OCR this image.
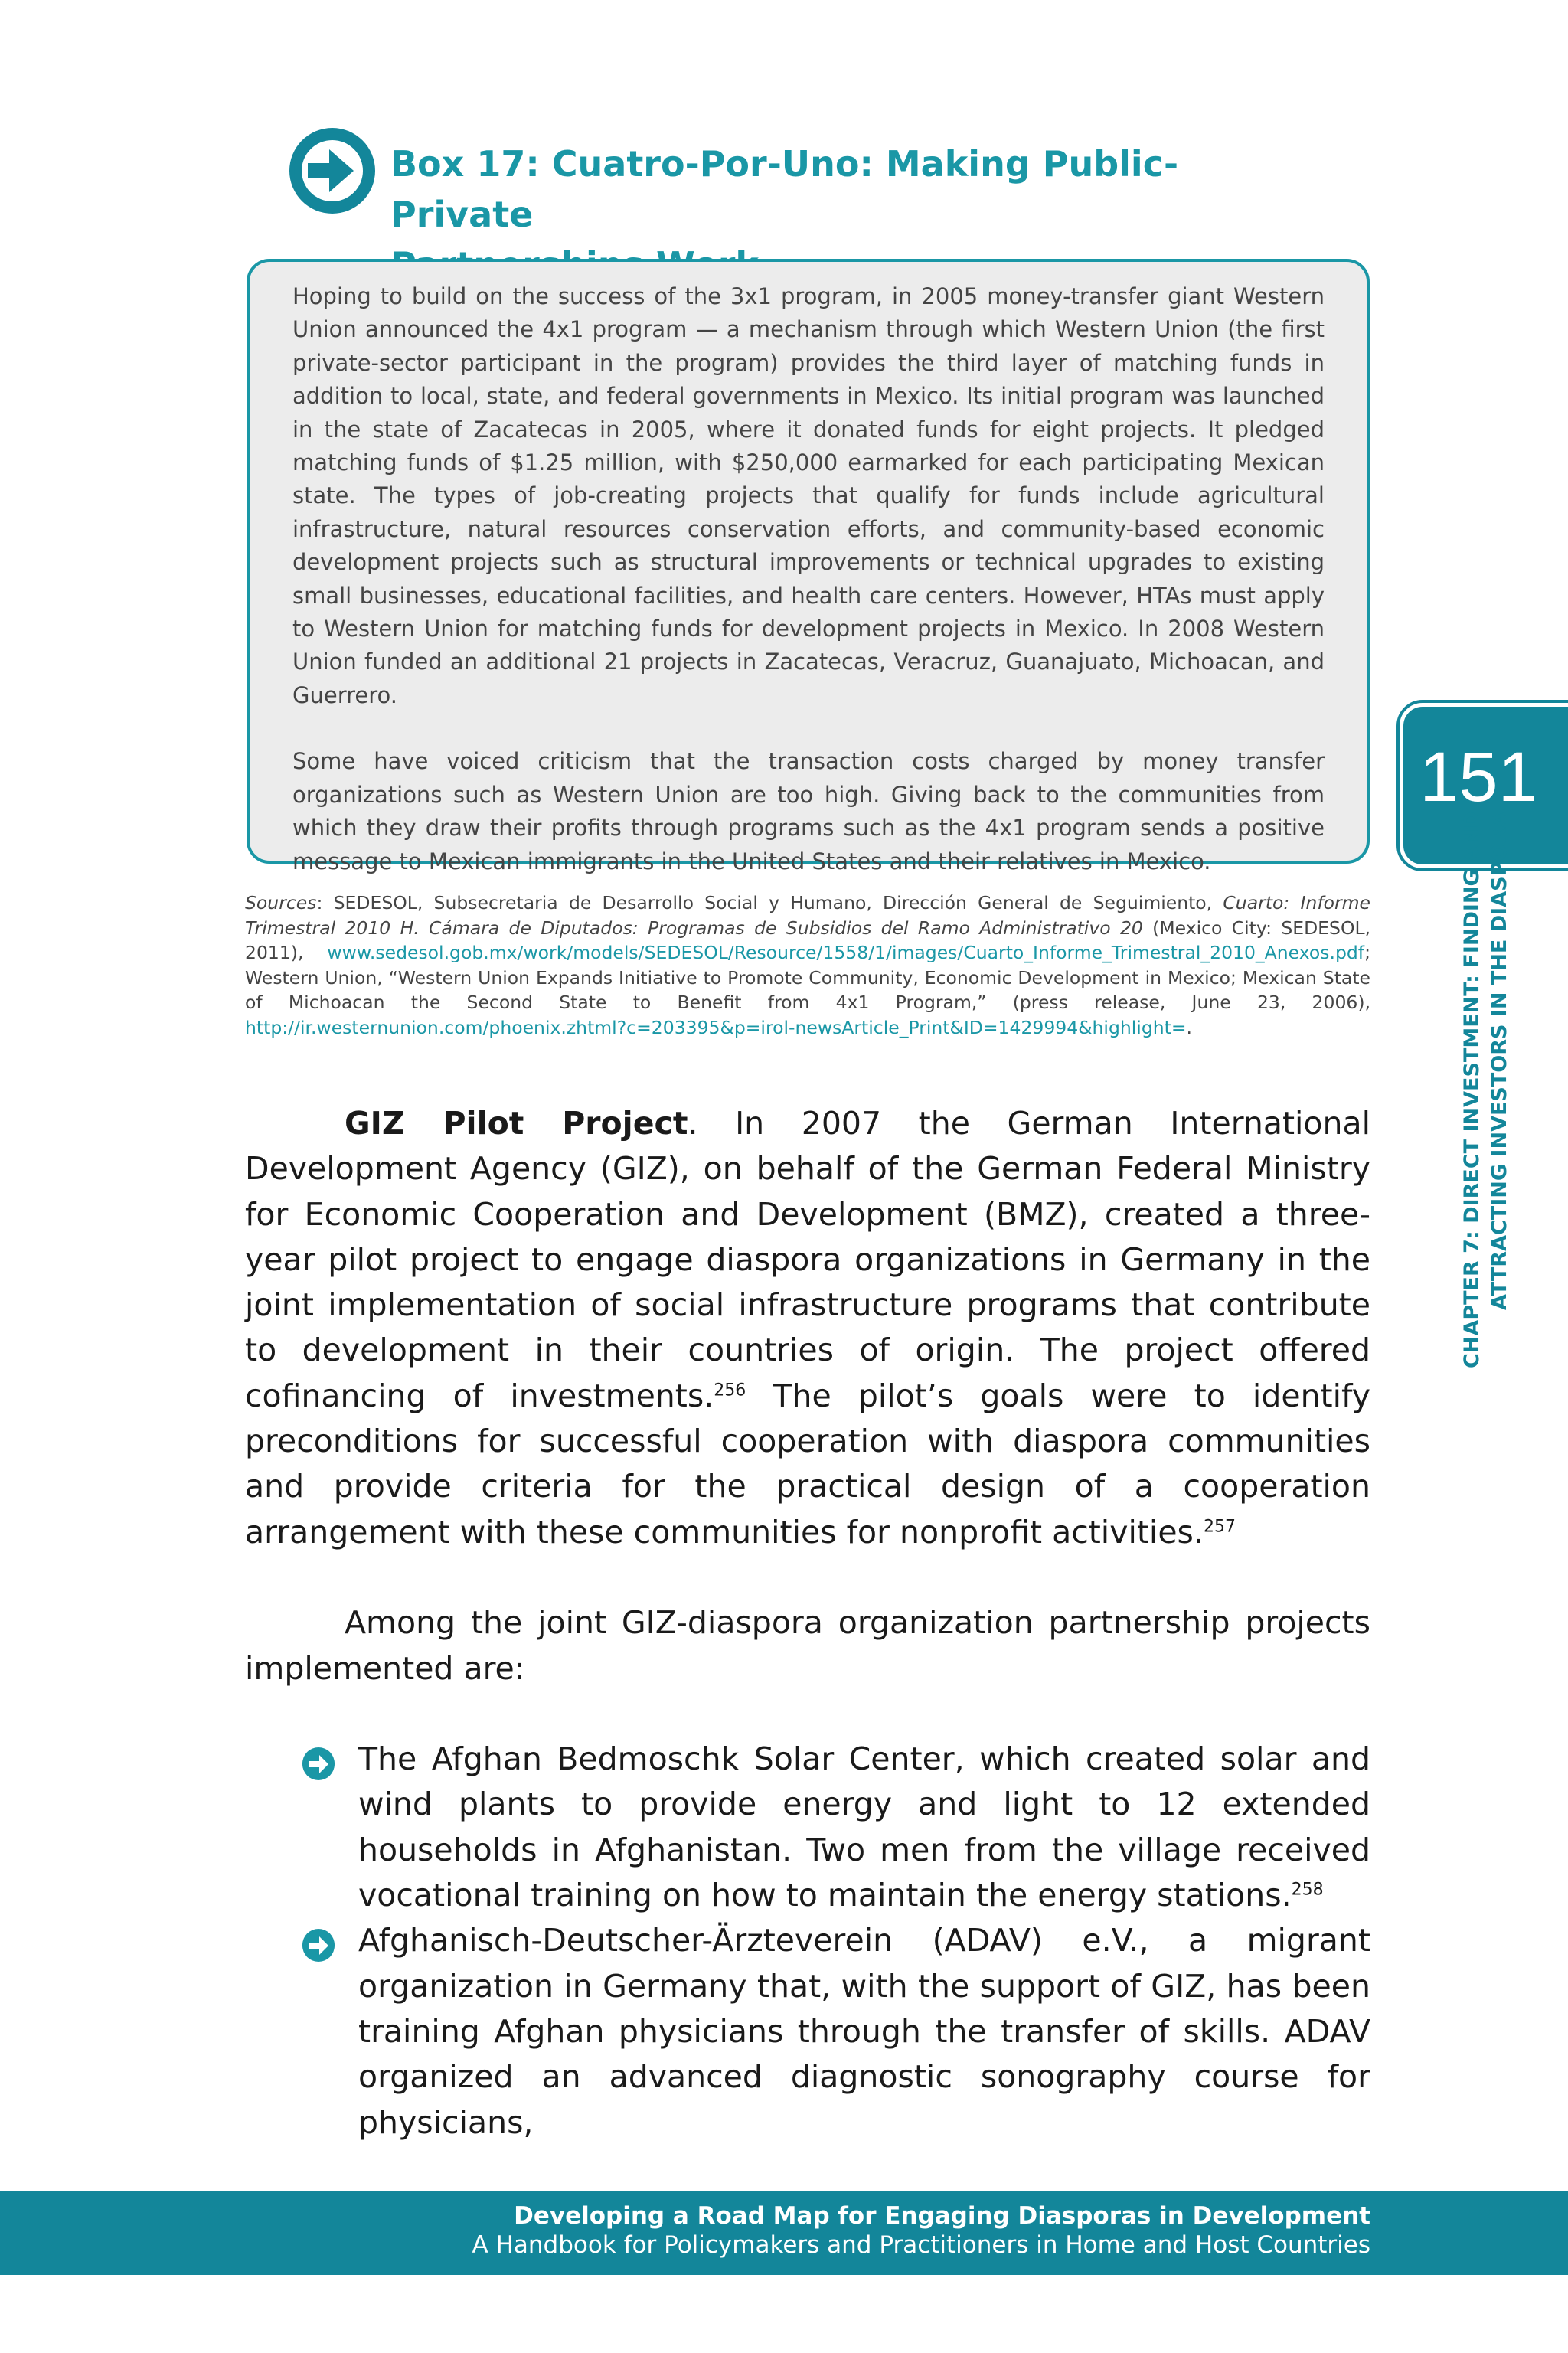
Box 17: Cuatro-Por-Uno: Making Public-Private

Hoping to build on the success of the 3x1 program, in 2005 money-transfer giant Western Union announced the 4x1 program — a mechanism through which Western Union (the first private-sector participant in the program) provides the third layer of matching funds in addition to local, state, and federal governments in Mexico. Its initial program was launched in the state of Zacatecas in 2005, where it donated funds for eight projects. It pledged matching funds of $1.25 million, with $250,000 earmarked for each participating Mexican state. The types of job-creating projects that qualify for funds include agricultural infrastructure, natural resources conservation efforts, and community-based economic development projects such as structural improvements or technical upgrades to existing small businesses, educational facilities, and health care centers. However, HTAs must apply to Western Union for matching funds for development projects in Mexico. In 2008 Western Union funded an additional 21 projects in Zacatecas, Veracruz, Guanajuato, Michoacan, and Guerrero.

Some have voiced criticism that the transaction costs charged by money transfer organizations such as Western Union are too high. Giving back to the communities from which they draw their profits through programs such as the 4x1 program sends a positive message to Mexican immigrants in the United States and their relatives in Mexico.

Sources: SEDESOL, Subsecretaria de Desarrollo Social y Humano, Dirección General de Seguimiento, Cuarto: Informe Trimestral 2010 H. Cámara de Diputados: Programas de Subsidios del Ramo Administrativo 20 (Mexico City: SEDESOL, 2011), www.sedesol.gob.mx/work/models/SEDESOL/Resource/1558/1/images/Cuarto_Informe_Trimestral_2010_Anexos.pdf; Western Union, “Western Union Expands Initiative to Promote Community, Economic Development in Mexico; Mexican State of Michoacan the Second State to Benefit from 4x1 Program,” (press release, June 23, 2006), http://ir.westernunion.com/phoenix.zhtml?c=203395&p=irol-newsArticle_Print&ID=1429994&highlight=.

GIZ Pilot Project. In 2007 the German International Development Agency (GIZ), on behalf of the German Federal Ministry for Economic Cooperation and Development (BMZ), created a three-year pilot project to engage diaspora organizations in Germany in the joint implementation of social infrastructure programs that contribute to development in their countries of origin. The project offered cofinancing of investments.$^{256}$ The pilot’s goals were to identify preconditions for successful cooperation with diaspora communities and provide criteria for the practical design of a cooperation arrangement with these communities for nonprofit activities.$^{257}$

Among the joint GIZ-diaspora organization partnership projects implemented are:

The Afghan Bedmoschk Solar Center, which created solar and wind plants to provide energy and light to 12 extended households in Afghanistan. Two men from the village received vocational training on how to maintain the energy stations.$^{258}$
Afghanisch-Deutscher-Ärzteverein (ADAV) e.V., a migrant organization in Germany that, with the support of GIZ, has been training Afghan physicians through the transfer of skills. ADAV organized an advanced diagnostic sonography course for physicians,
151
CHAPTER 7: DIRECT INVESTMENT: FINDING AND ATTRACTING INVESTORS IN THE DIASPORA
Developing a Road Map for Engaging Diasporas in Development
A Handbook for Policymakers and Practitioners in Home and Host Countries
